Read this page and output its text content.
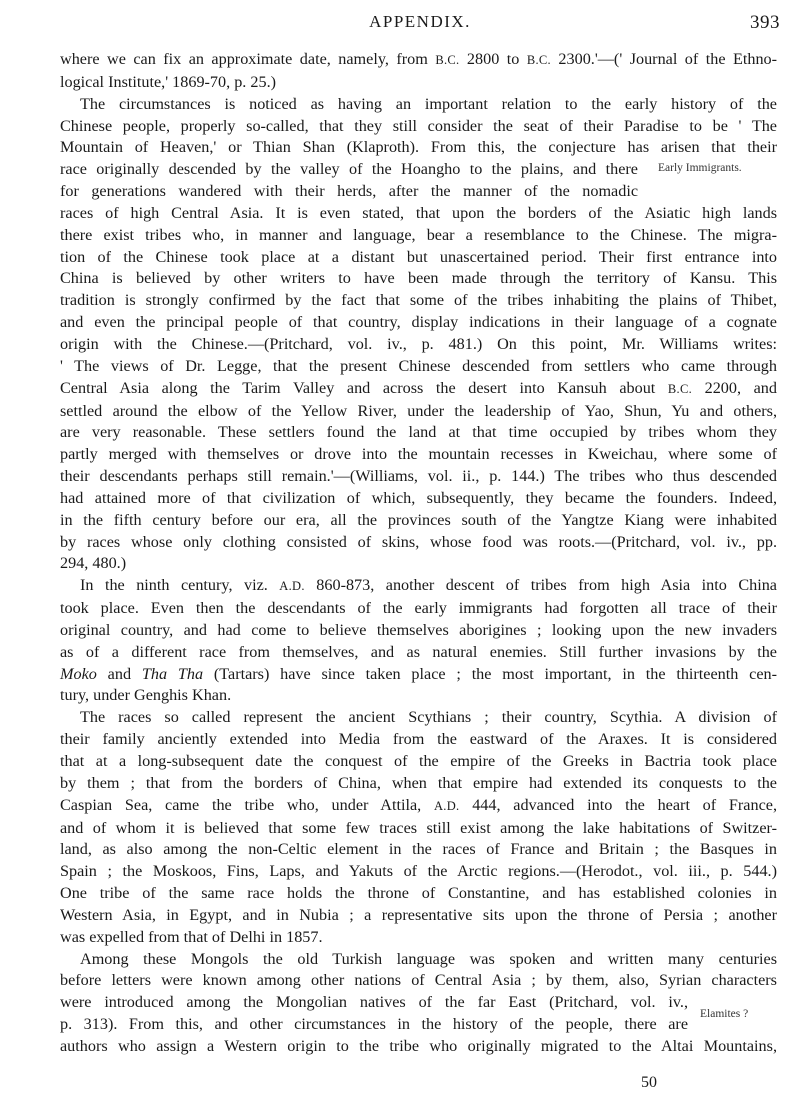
APPENDIX.	393
where we can fix an approximate date, namely, from B.C. 2800 to B.C. 2300.'—(' Journal of the Ethno-
logical Institute,' 1869-70, p. 25.)
The circumstances is noticed as having an important relation to the early history of the
Chinese people, properly so-called, that they still consider the seat of their Paradise to be ' The
Mountain of Heaven,' or Thian Shan (Klaproth). From this, the conjecture has arisen that their
race originally descended by the valley of the Hoangho to the plains, and there
for generations wandered with their herds, after the manner of the nomadic
races of high Central Asia. It is even stated, that upon the borders of the Asiatic high lands
there exist tribes who, in manner and language, bear a resemblance to the Chinese. The migra-
tion of the Chinese took place at a distant but unascertained period. Their first entrance into
China is believed by other writers to have been made through the territory of Kansu. This
tradition is strongly confirmed by the fact that some of the tribes inhabiting the plains of Thibet,
and even the principal people of that country, display indications in their language of a cognate
origin with the Chinese.—(Pritchard, vol. iv., p. 481.) On this point, Mr. Williams writes:
' The views of Dr. Legge, that the present Chinese descended from settlers who came through
Central Asia along the Tarim Valley and across the desert into Kansuh about B.C. 2200, and
settled around the elbow of the Yellow River, under the leadership of Yao, Shun, Yu and others,
are very reasonable. These settlers found the land at that time occupied by tribes whom they
partly merged with themselves or drove into the mountain recesses in Kweichau, where some of
their descendants perhaps still remain.'—(Williams, vol. ii., p. 144.) The tribes who thus descended
had attained more of that civilization of which, subsequently, they became the founders. Indeed,
in the fifth century before our era, all the provinces south of the Yangtze Kiang were inhabited
by races whose only clothing consisted of skins, whose food was roots.—(Pritchard, vol. iv., pp.
294, 480.)
In the ninth century, viz. A.D. 860-873, another descent of tribes from high Asia into China
took place. Even then the descendants of the early immigrants had forgotten all trace of their
original country, and had come to believe themselves aborigines ; looking upon the new invaders
as of a different race from themselves, and as natural enemies. Still further invasions by the
Moko and Tha Tha (Tartars) have since taken place ; the most important, in the thirteenth cen-
tury, under Genghis Khan.
The races so called represent the ancient Scythians ; their country, Scythia. A division of
their family anciently extended into Media from the eastward of the Araxes. It is considered
that at a long-subsequent date the conquest of the empire of the Greeks in Bactria took place
by them ; that from the borders of China, when that empire had extended its conquests to the
Caspian Sea, came the tribe who, under Attila, A.D. 444, advanced into the heart of France,
and of whom it is believed that some few traces still exist among the lake habitations of Switzer-
land, as also among the non-Celtic element in the races of France and Britain ; the Basques in
Spain ; the Moskoos, Fins, Laps, and Yakuts of the Arctic regions.—(Herodot., vol. iii., p. 544.)
One tribe of the same race holds the throne of Constantine, and has established colonies in
Western Asia, in Egypt, and in Nubia ; a representative sits upon the throne of Persia ; another
was expelled from that of Delhi in 1857.
Among these Mongols the old Turkish language was spoken and written many centuries
before letters were known among other nations of Central Asia ; by them, also, Syrian characters
were introduced among the Mongolian natives of the far East (Pritchard, vol. iv.,
p. 313). From this, and other circumstances in the history of the people, there are
authors who assign a Western origin to the tribe who originally migrated to the Altai Mountains,
Early Immigrants.
Elamites ?
50
